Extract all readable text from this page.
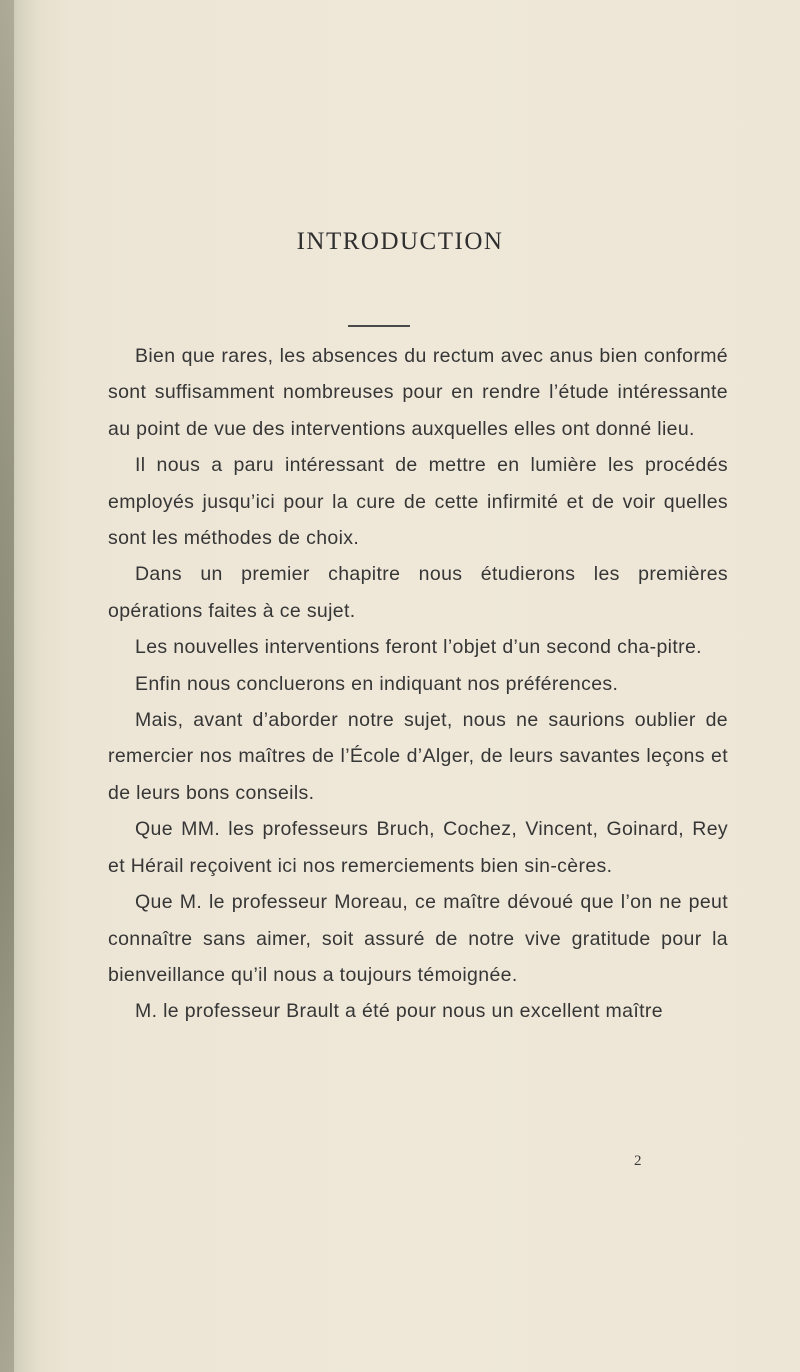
INTRODUCTION

Bien que rares, les absences du rectum avec anus bien conformé sont suffisamment nombreuses pour en rendre l’étude intéressante au point de vue des interventions auxquelles elles ont donné lieu.

Il nous a paru intéressant de mettre en lumière les procédés employés jusqu’ici pour la cure de cette infirmité et de voir quelles sont les méthodes de choix.

Dans un premier chapitre nous étudierons les premières opérations faites à ce sujet.

Les nouvelles interventions feront l’objet d’un second cha-pitre.

Enfin nous concluerons en indiquant nos préférences.

Mais, avant d’aborder notre sujet, nous ne saurions oublier de remercier nos maîtres de l’École d’Alger, de leurs savantes leçons et de leurs bons conseils.

Que MM. les professeurs Bruch, Cochez, Vincent, Goinard, Rey et Hérail reçoivent ici nos remerciements bien sin-cères.

Que M. le professeur Moreau, ce maître dévoué que l’on ne peut connaître sans aimer, soit assuré de notre vive gratitude pour la bienveillance qu’il nous a toujours témoignée.

M. le professeur Brault a été pour nous un excellent maître

2
